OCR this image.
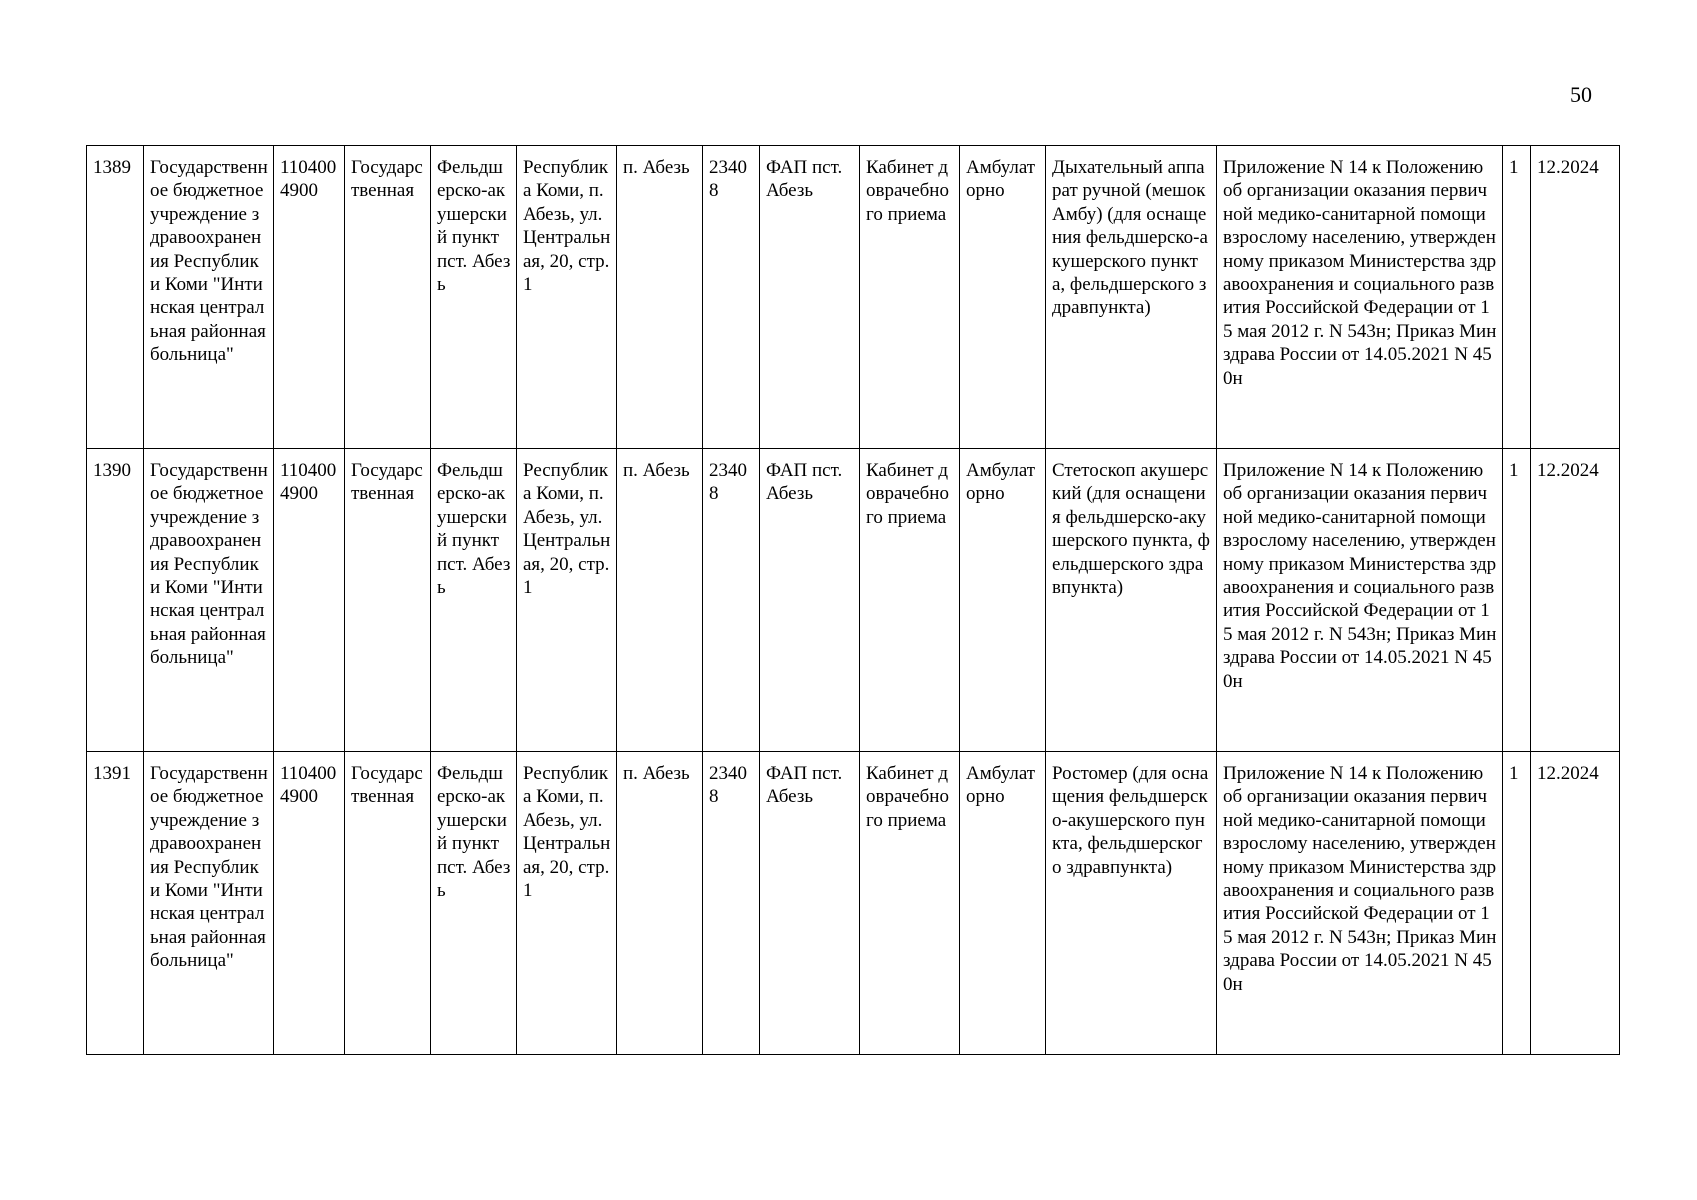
50
1389	Государственное бюджетное учреждение здравоохранения Республики Коми "Интинская центральная районная больница"	1104004900	Государственная	Фельдшерско-акушерский пункт пст. Абезь	Республика Коми, п. Абезь, ул. Центральная, 20, стр. 1	п. Абезь	23408	ФАП пст. Абезь	Кабинет доврачебного приема	Амбулаторно	Дыхательный аппарат ручной (мешок Амбу) (для оснащения фельдшерско-акушерского пункта, фельдшерского здравпункта)	Приложение N 14 к Положению об организации оказания первичной медико-санитарной помощи взрослому населению, утвержденному приказом Министерства здравоохранения и социального развития Российской Федерации от 15 мая 2012 г. N 543н; Приказ Минздрава России от 14.05.2021 N 450н	1	12.2024
1390	Государственное бюджетное учреждение здравоохранения Республики Коми "Интинская центральная районная больница"	1104004900	Государственная	Фельдшерско-акушерский пункт пст. Абезь	Республика Коми, п. Абезь, ул. Центральная, 20, стр. 1	п. Абезь	23408	ФАП пст. Абезь	Кабинет доврачебного приема	Амбулаторно	Стетоскоп акушерский (для оснащения фельдшерско-акушерского пункта, фельдшерского здравпункта)	Приложение N 14 к Положению об организации оказания первичной медико-санитарной помощи взрослому населению, утвержденному приказом Министерства здравоохранения и социального развития Российской Федерации от 15 мая 2012 г. N 543н; Приказ Минздрава России от 14.05.2021 N 450н	1	12.2024
1391	Государственное бюджетное учреждение здравоохранения Республики Коми "Интинская центральная районная больница"	1104004900	Государственная	Фельдшерско-акушерский пункт пст. Абезь	Республика Коми, п. Абезь, ул. Центральная, 20, стр. 1	п. Абезь	23408	ФАП пст. Абезь	Кабинет доврачебного приема	Амбулаторно	Ростомер (для оснащения фельдшерско-акушерского пункта, фельдшерского здравпункта)	Приложение N 14 к Положению об организации оказания первичной медико-санитарной помощи взрослому населению, утвержденному приказом Министерства здравоохранения и социального развития Российской Федерации от 15 мая 2012 г. N 543н; Приказ Минздрава России от 14.05.2021 N 450н	1	12.2024
